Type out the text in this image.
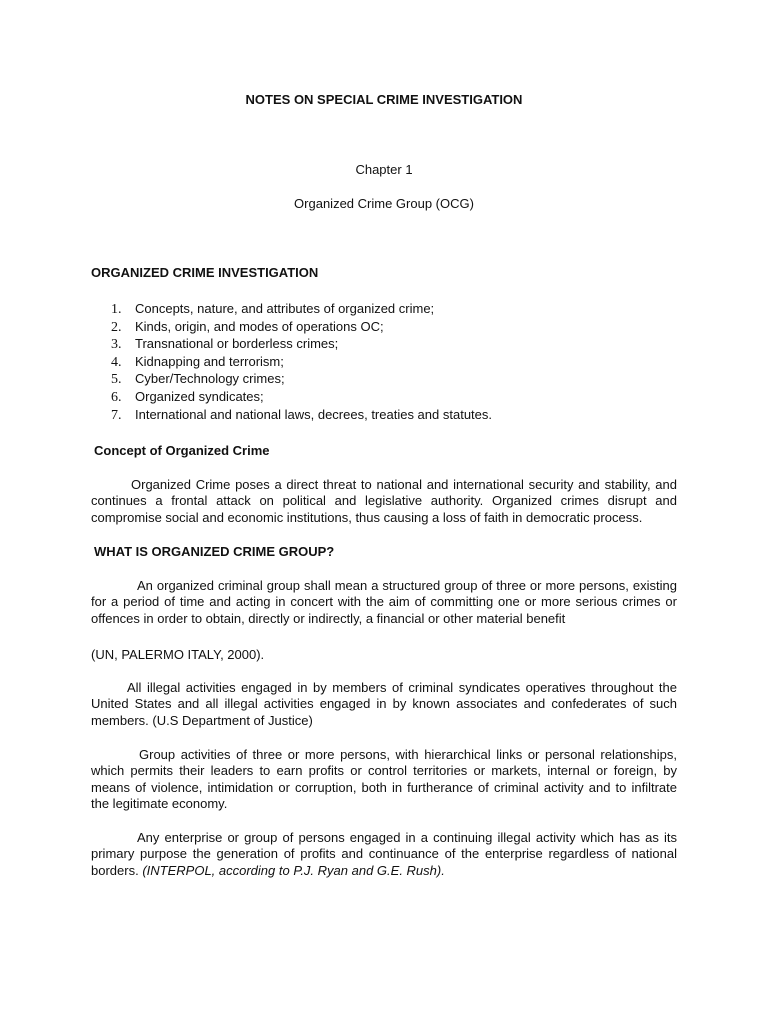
NOTES ON SPECIAL CRIME INVESTIGATION
Chapter 1
Organized Crime Group (OCG)
ORGANIZED CRIME INVESTIGATION
1. Concepts, nature, and attributes of organized crime;
2. Kinds, origin, and modes of operations OC;
3. Transnational or borderless crimes;
4. Kidnapping and terrorism;
5. Cyber/Technology crimes;
6. Organized syndicates;
7. International and national laws, decrees, treaties and statutes.
Concept of Organized Crime

Organized Crime poses a direct threat to national and international security and stability, and continues a frontal attack on political and legislative authority. Organized crimes disrupt and compromise social and economic institutions, thus causing a loss of faith in democratic process.

WHAT IS ORGANIZED CRIME GROUP?

An organized criminal group shall mean a structured group of three or more persons, existing for a period of time and acting in concert with the aim of committing one or more serious crimes or offences in order to obtain, directly or indirectly, a financial or other material benefit

(UN, PALERMO ITALY, 2000).

All illegal activities engaged in by members of criminal syndicates operatives throughout the United States and all illegal activities engaged in by known associates and confederates of such members. (U.S Department of Justice)

Group activities of three or more persons, with hierarchical links or personal relationships, which permits their leaders to earn profits or control territories or markets, internal or foreign, by means of violence, intimidation or corruption, both in furtherance of criminal activity and to infiltrate the legitimate economy.

Any enterprise or group of persons engaged in a continuing illegal activity which has as its primary purpose the generation of profits and continuance of the enterprise regardless of national borders. (INTERPOL, according to P.J. Ryan and G.E. Rush).
